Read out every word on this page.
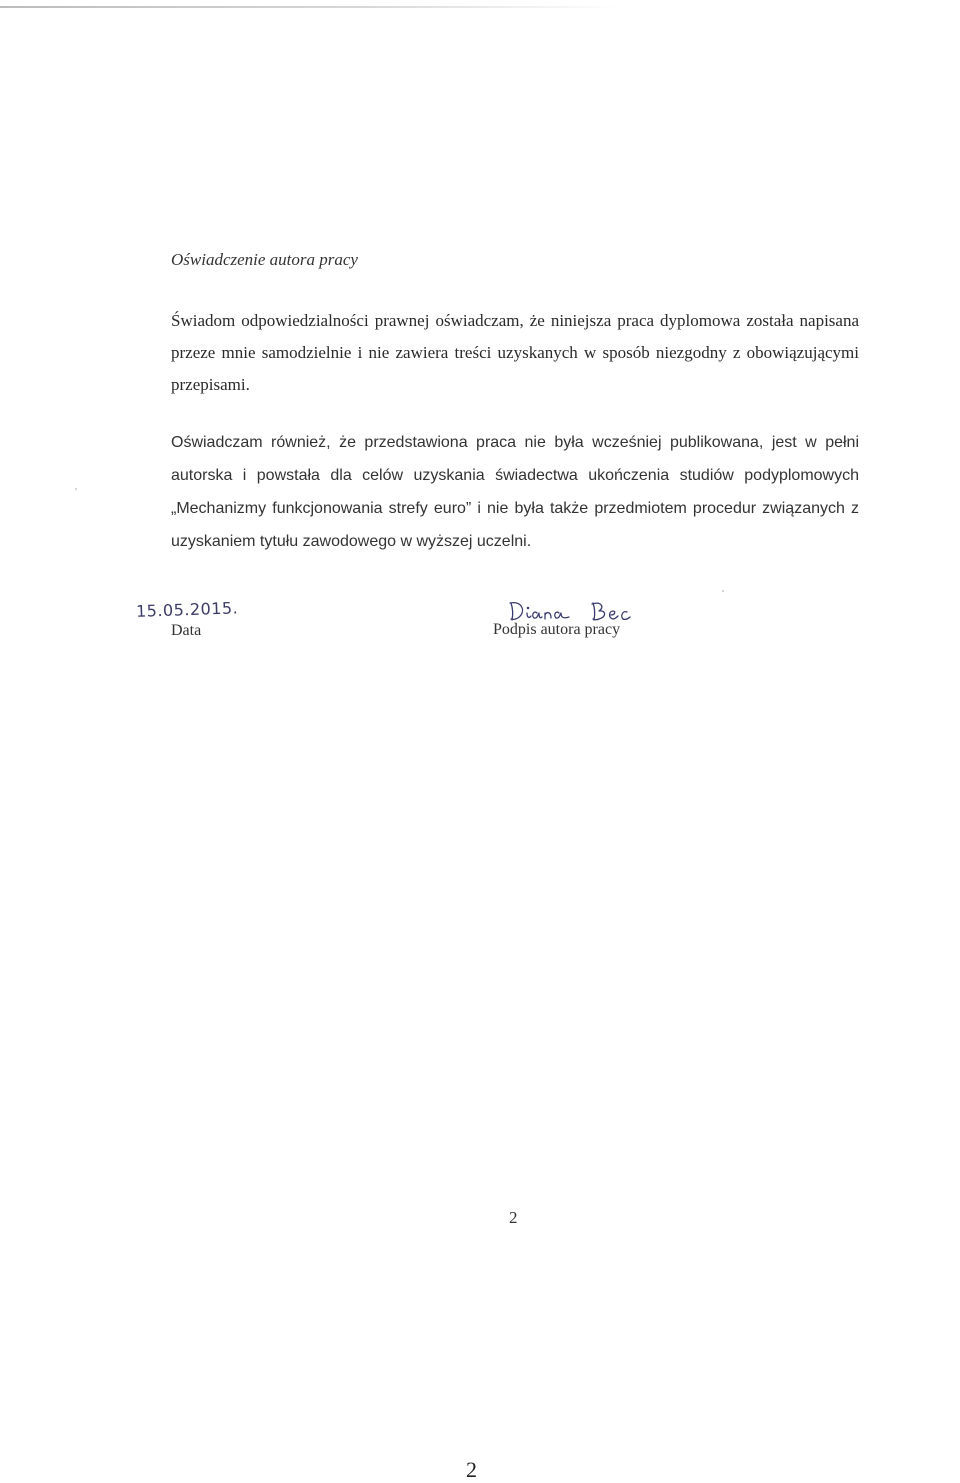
Oświadczenie autora pracy

Świadom odpowiedzialności prawnej oświadczam, że niniejsza praca dyplomowa została napisana przeze mnie samodzielnie i nie zawiera treści uzyskanych w sposób niezgodny z obowiązującymi przepisami.

Oświadczam również, że przedstawiona praca nie była wcześniej publikowana, jest w pełni autorska i powstała dla celów uzyskania świadectwa ukończenia studiów podyplomowych „Mechanizmy funkcjonowania strefy euro” i nie była także przedmiotem procedur związanych z uzyskaniem tytułu zawodowego w wyższej uczelni.

15.05.2015.
Data	Podpis autora pracy
2
2
